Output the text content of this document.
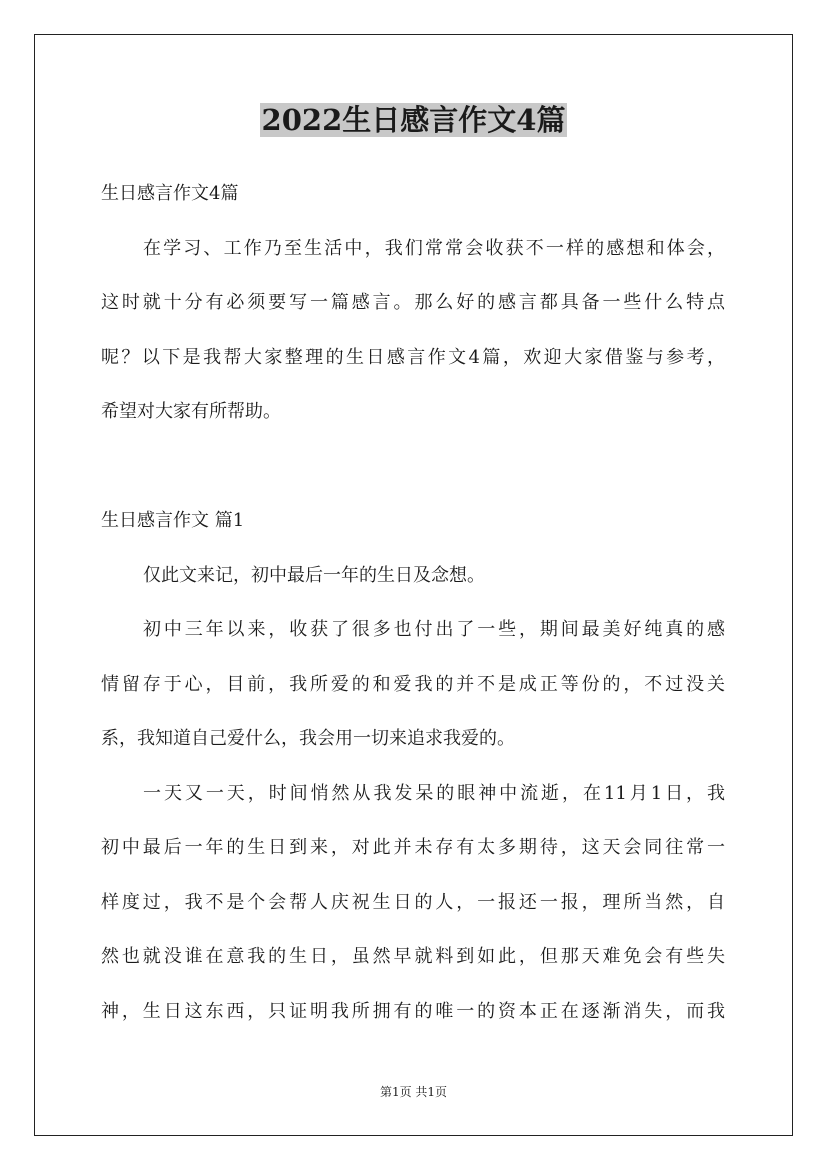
2022生日感言作文4篇
生日感言作文4篇
在学习、工作乃至生活中，我们常常会收获不一样的感想和体会，
这时就十分有必须要写一篇感言。那么好的感言都具备一些什么特点
呢？以下是我帮大家整理的生日感言作文4篇，欢迎大家借鉴与参考，
希望对大家有所帮助。
生日感言作文 篇1
仅此文来记，初中最后一年的生日及念想。
初中三年以来，收获了很多也付出了一些，期间最美好纯真的感
情留存于心，目前，我所爱的和爱我的并不是成正等份的，不过没关
系，我知道自己爱什么，我会用一切来追求我爱的。
一天又一天，时间悄然从我发呆的眼神中流逝，在11月1日，我
初中最后一年的生日到来，对此并未存有太多期待，这天会同往常一
样度过，我不是个会帮人庆祝生日的人，一报还一报，理所当然，自
然也就没谁在意我的生日，虽然早就料到如此，但那天难免会有些失
神，生日这东西，只证明我所拥有的唯一的资本正在逐渐消失，而我
第1页 共1页
